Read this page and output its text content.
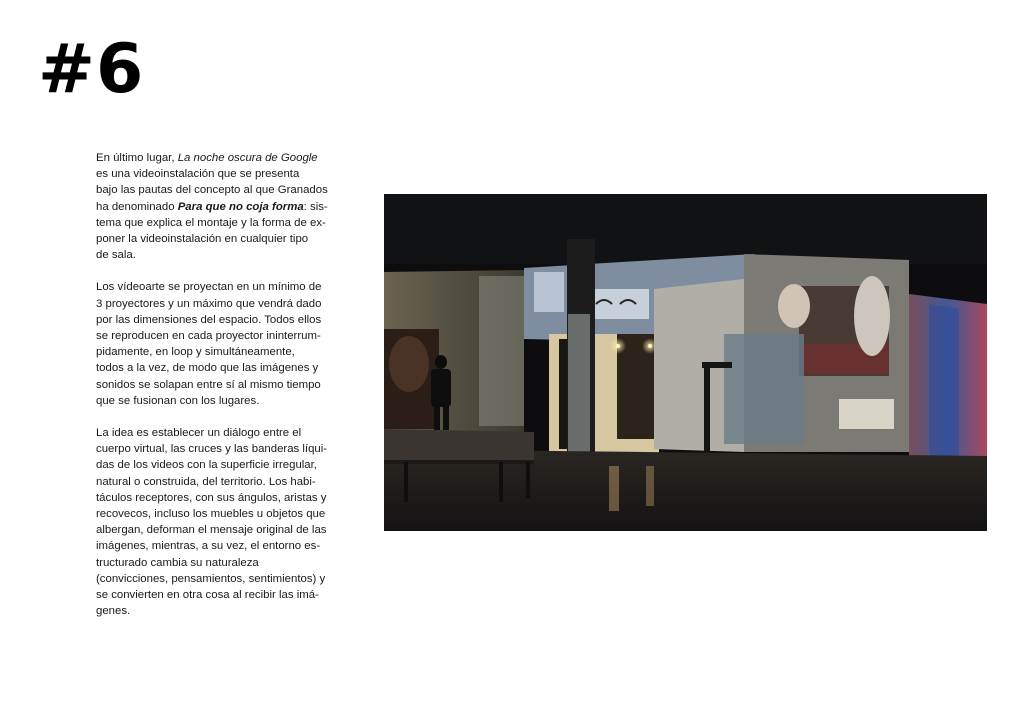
#6

En último lugar, La noche oscura de Google
es una videoinstalación que se presenta
bajo las pautas del concepto al que Granados
ha denominado Para que no coja forma: sis-
tema que explica el montaje y la forma de ex-
poner la videoinstalación en cualquier tipo
de sala.

Los vídeoarte se proyectan en un mínimo de
3 proyectores y un máximo que vendrá dado
por las dimensiones del espacio. Todos ellos
se reproducen en cada proyector ininterrum-
pidamente, en loop y simultáneamente,
todos a la vez, de modo que las imágenes y
sonidos se solapan entre sí al mismo tiempo
que se fusionan con los lugares.

La idea es establecer un diálogo entre el
cuerpo virtual, las cruces y las banderas líqui-
das de los videos con la superficie irregular,
natural o construida, del territorio. Los habi-
táculos receptores, con sus ángulos, aristas y
recovecos, incluso los muebles u objetos que
albergan, deforman el mensaje original de las
imágenes, mientras, a su vez, el entorno es-
tructurado cambia su naturaleza
(convicciones, pensamientos, sentimientos) y
se convierten en otra cosa al recibir las imá-
genes.
